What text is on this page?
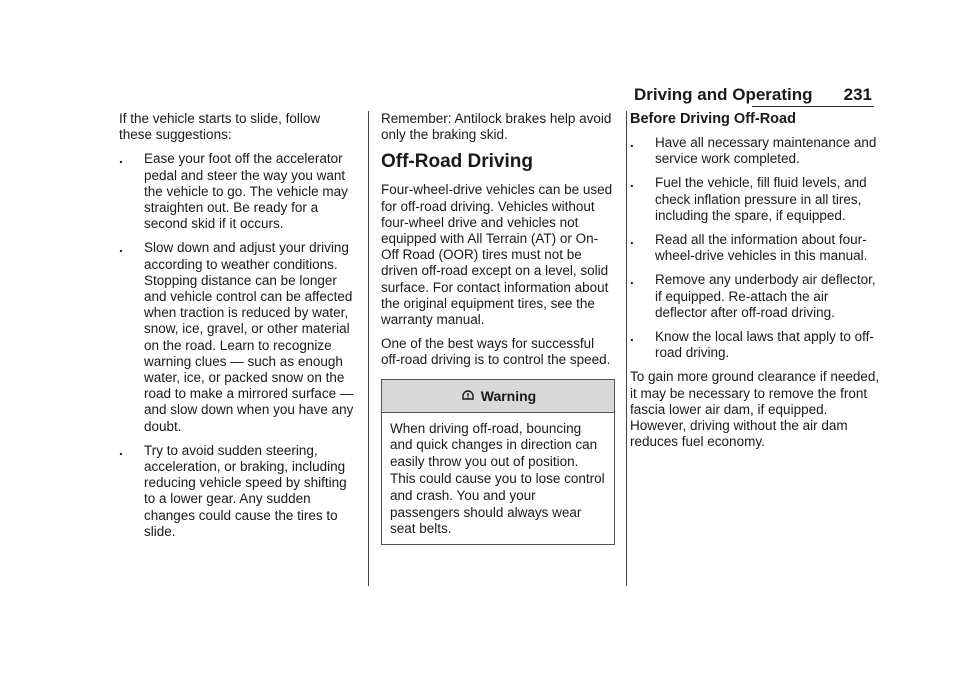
Driving and Operating 231

If the vehicle starts to slide, follow these suggestions:

. Ease your foot off the accelerator pedal and steer the way you want the vehicle to go. The vehicle may straighten out. Be ready for a second skid if it occurs.
. Slow down and adjust your driving according to weather conditions. Stopping distance can be longer and vehicle control can be affected when traction is reduced by water, snow, ice, gravel, or other material on the road. Learn to recognize warning clues — such as enough water, ice, or packed snow on the road to make a mirrored surface — and slow down when you have any doubt.
. Try to avoid sudden steering, acceleration, or braking, including reducing vehicle speed by shifting to a lower gear. Any sudden changes could cause the tires to slide.

Remember: Antilock brakes help avoid only the braking skid.

Off-Road Driving

Four-wheel-drive vehicles can be used for off-road driving. Vehicles without four-wheel drive and vehicles not equipped with All Terrain (AT) or On-Off Road (OOR) tires must not be driven off-road except on a level, solid surface. For contact information about the original equipment tires, see the warranty manual.

One of the best ways for successful off-road driving is to control the speed.

Warning
When driving off-road, bouncing and quick changes in direction can easily throw you out of position. This could cause you to lose control and crash. You and your passengers should always wear seat belts.
Before Driving Off-Road
. Have all necessary maintenance and service work completed.
. Fuel the vehicle, fill fluid levels, and check inflation pressure in all tires, including the spare, if equipped.
. Read all the information about four-wheel-drive vehicles in this manual.
. Remove any underbody air deflector, if equipped. Re-attach the air deflector after off-road driving.
. Know the local laws that apply to off-road driving.

To gain more ground clearance if needed, it may be necessary to remove the front fascia lower air dam, if equipped. However, driving without the air dam reduces fuel economy.
